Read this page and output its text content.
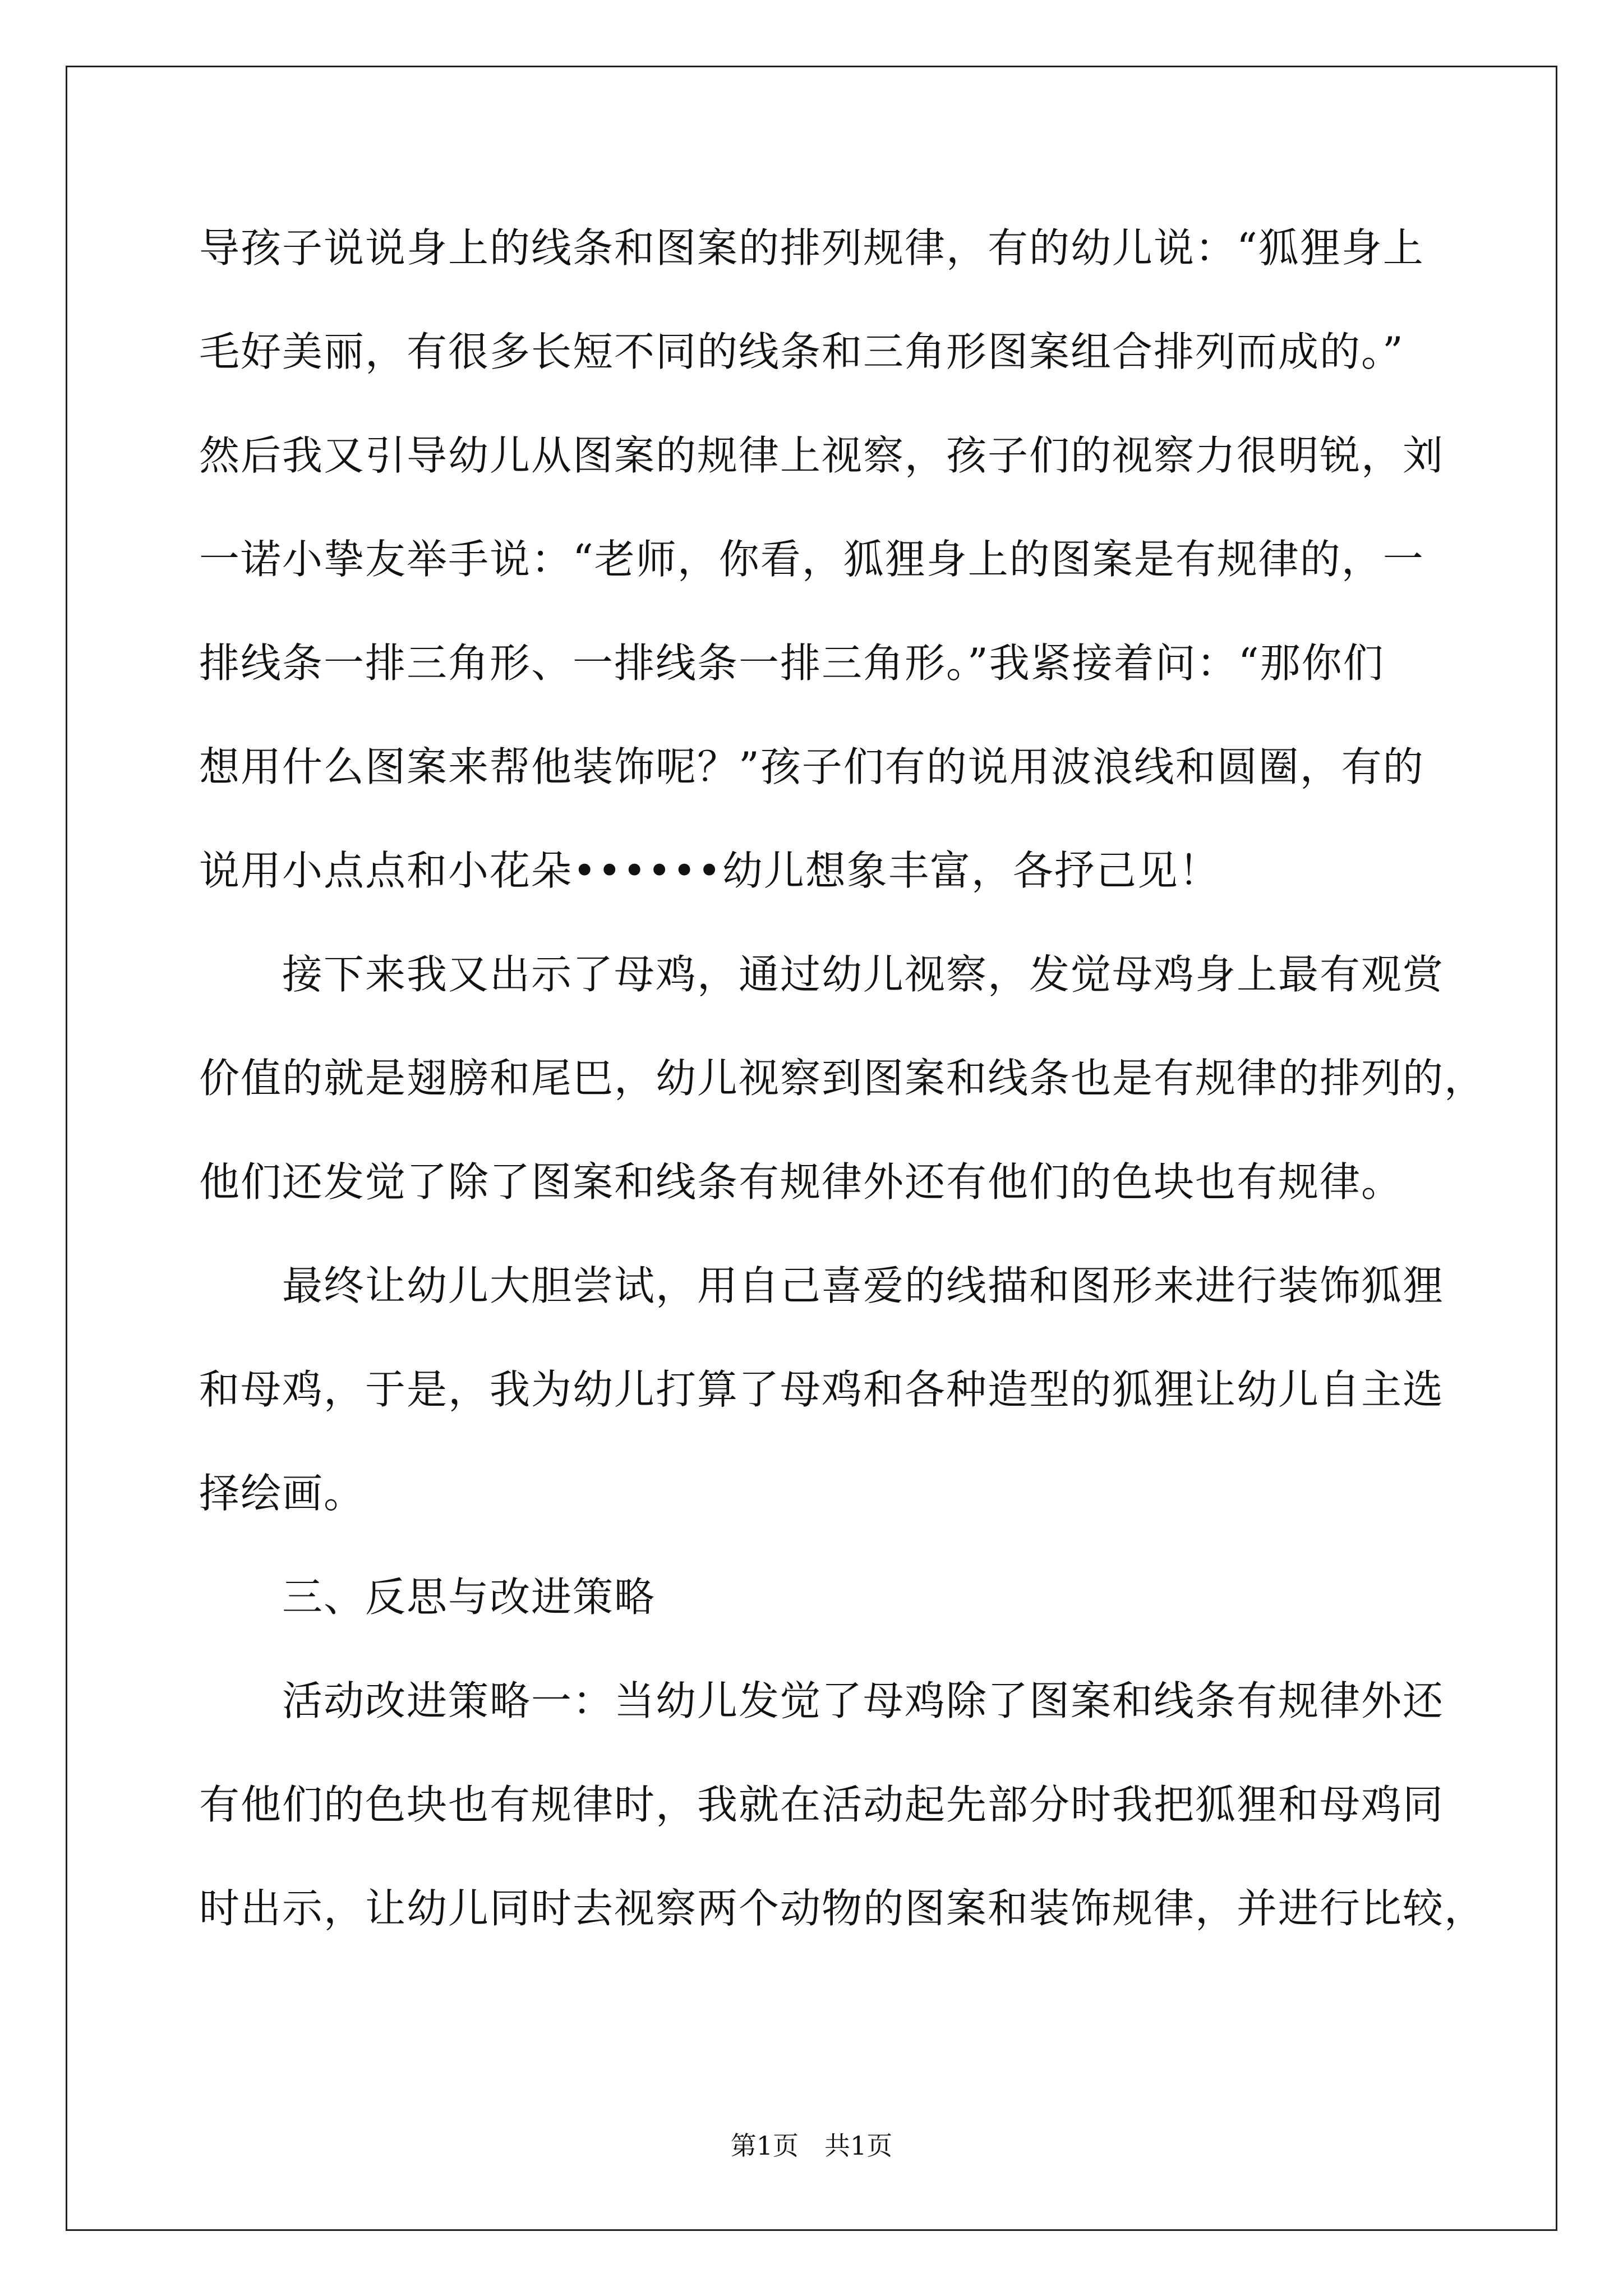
导孩子说说身上的线条和图案的排列规律，有的幼儿说：“狐狸身上
毛好美丽，有很多长短不同的线条和三角形图案组合排列而成的。”
然后我又引导幼儿从图案的规律上视察，孩子们的视察力很明锐，刘
一诺小挚友举手说：“老师，你看，狐狸身上的图案是有规律的，一
排线条一排三角形、一排线条一排三角形。”我紧接着问：“那你们
想用什么图案来帮他装饰呢？”孩子们有的说用波浪线和圆圈，有的
说用小点点和小花朵••••••幼儿想象丰富，各抒己见！
接下来我又出示了母鸡，通过幼儿视察，发觉母鸡身上最有观赏
价值的就是翅膀和尾巴，幼儿视察到图案和线条也是有规律的排列的，
他们还发觉了除了图案和线条有规律外还有他们的色块也有规律。
最终让幼儿大胆尝试，用自己喜爱的线描和图形来进行装饰狐狸
和母鸡，于是，我为幼儿打算了母鸡和各种造型的狐狸让幼儿自主选
择绘画。
三、反思与改进策略
活动改进策略一：当幼儿发觉了母鸡除了图案和线条有规律外还
有他们的色块也有规律时，我就在活动起先部分时我把狐狸和母鸡同
时出示，让幼儿同时去视察两个动物的图案和装饰规律，并进行比较，
第1页　共1页
